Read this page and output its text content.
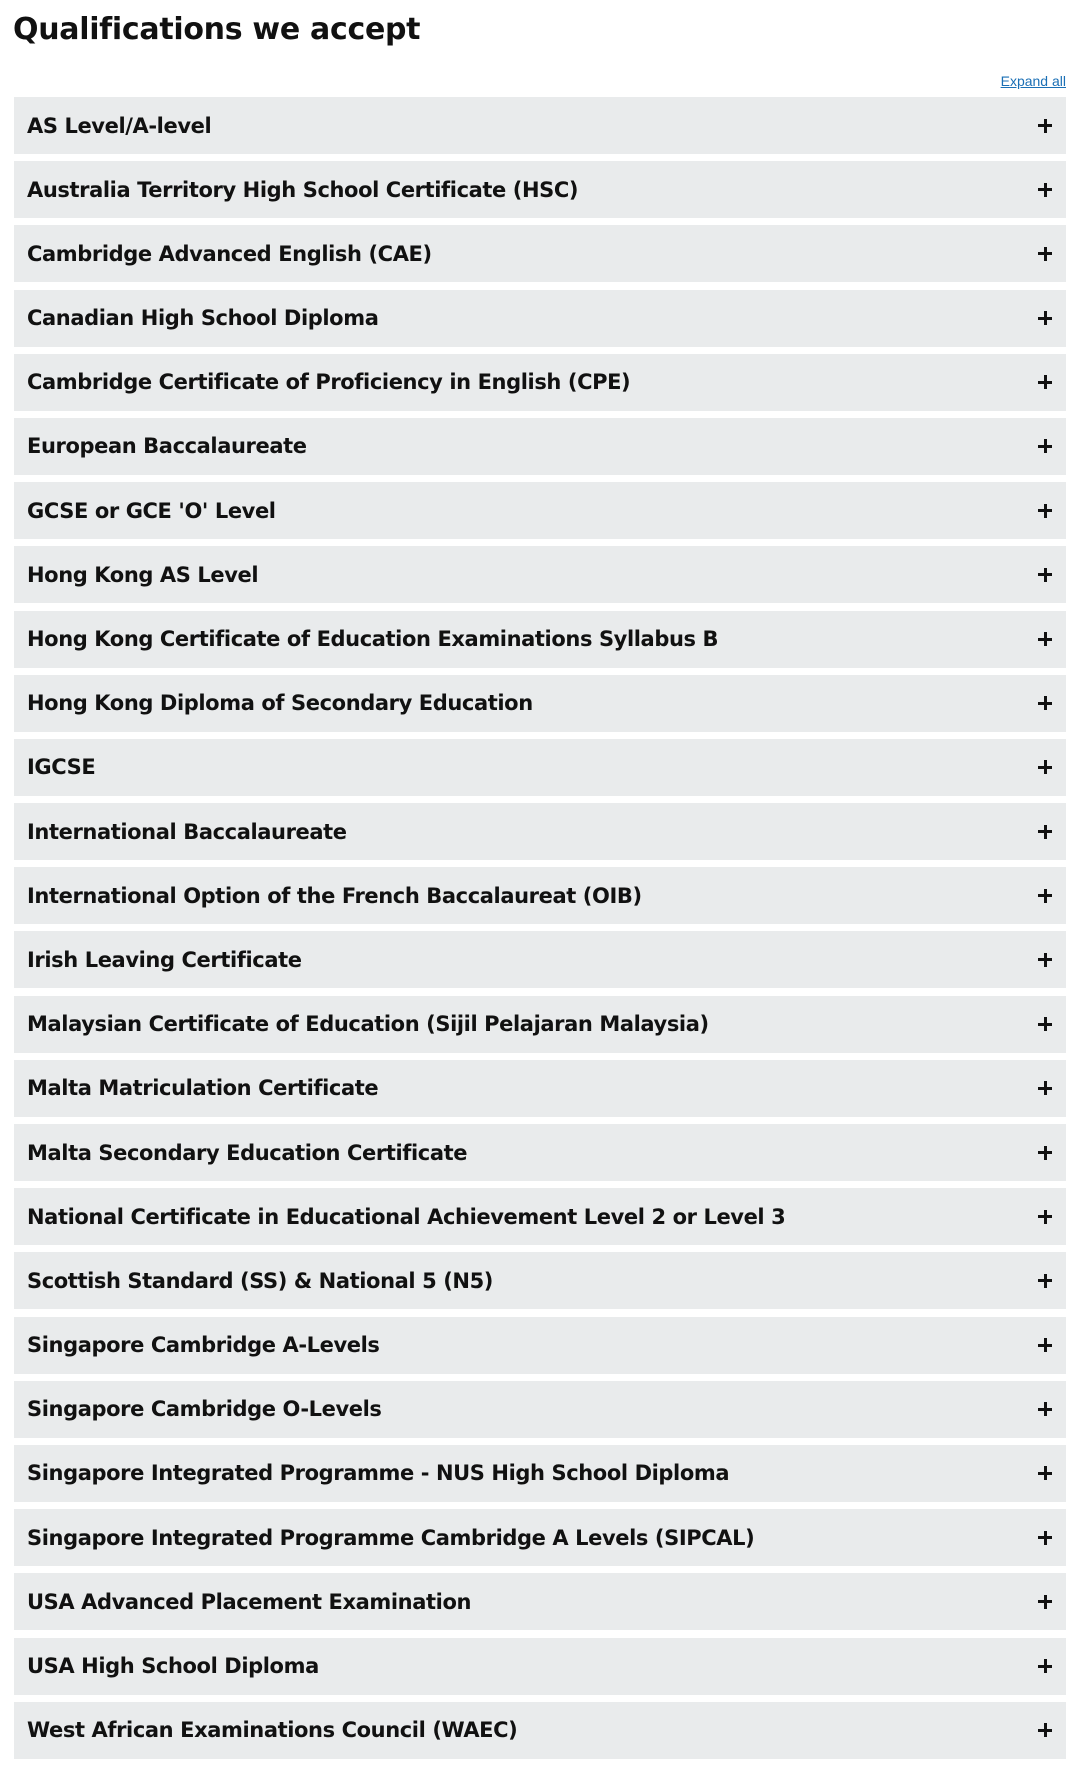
Qualifications we accept
Expand all
AS Level/A-level
Australia Territory High School Certificate (HSC)
Cambridge Advanced English (CAE)
Canadian High School Diploma
Cambridge Certificate of Proficiency in English (CPE)
European Baccalaureate
GCSE or GCE 'O' Level
Hong Kong AS Level
Hong Kong Certificate of Education Examinations Syllabus B
Hong Kong Diploma of Secondary Education
IGCSE
International Baccalaureate
International Option of the French Baccalaureat (OIB)
Irish Leaving Certificate
Malaysian Certificate of Education (Sijil Pelajaran Malaysia)
Malta Matriculation Certificate
Malta Secondary Education Certificate
National Certificate in Educational Achievement Level 2 or Level 3
Scottish Standard (SS) & National 5 (N5)
Singapore Cambridge A-Levels
Singapore Cambridge O-Levels
Singapore Integrated Programme - NUS High School Diploma
Singapore Integrated Programme Cambridge A Levels (SIPCAL)
USA Advanced Placement Examination
USA High School Diploma
West African Examinations Council (WAEC)
